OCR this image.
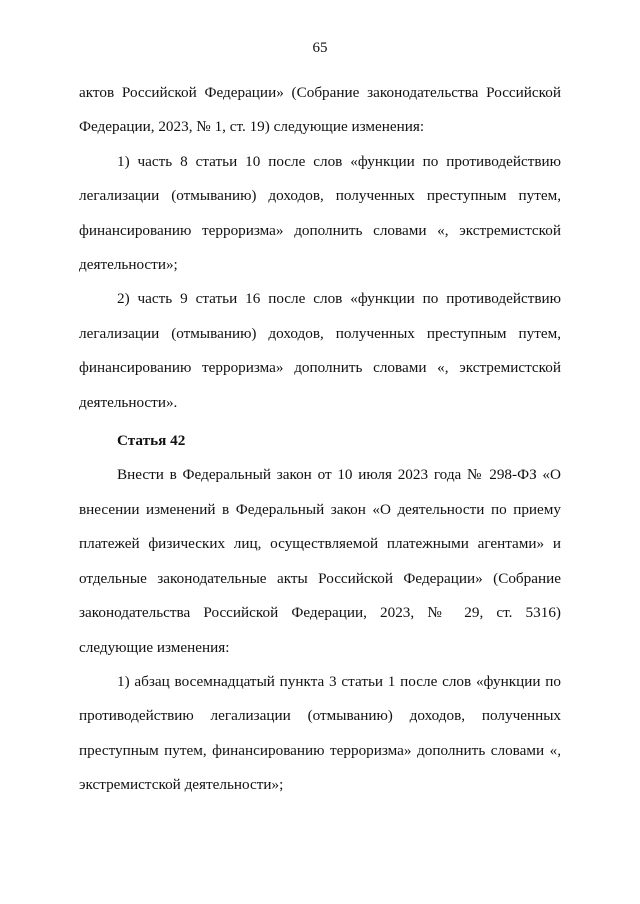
65

актов Российской Федерации» (Собрание законодательства Российской Федерации, 2023, № 1, ст. 19) следующие изменения:

1) часть 8 статьи 10 после слов «функции по противодействию легализации (отмыванию) доходов, полученных преступным путем, финансированию терроризма» дополнить словами «, экстремистской деятельности»;

2) часть 9 статьи 16 после слов «функции по противодействию легализации (отмыванию) доходов, полученных преступным путем, финансированию терроризма» дополнить словами «, экстремистской деятельности».

Статья 42

Внести в Федеральный закон от 10 июля 2023 года № 298-ФЗ «О внесении изменений в Федеральный закон «О деятельности по приему платежей физических лиц, осуществляемой платежными агентами» и отдельные законодательные акты Российской Федерации» (Собрание законодательства Российской Федерации, 2023, № 29, ст. 5316) следующие изменения:

1) абзац восемнадцатый пункта 3 статьи 1 после слов «функции по противодействию легализации (отмыванию) доходов, полученных преступным путем, финансированию терроризма» дополнить словами «, экстремистской деятельности»;
